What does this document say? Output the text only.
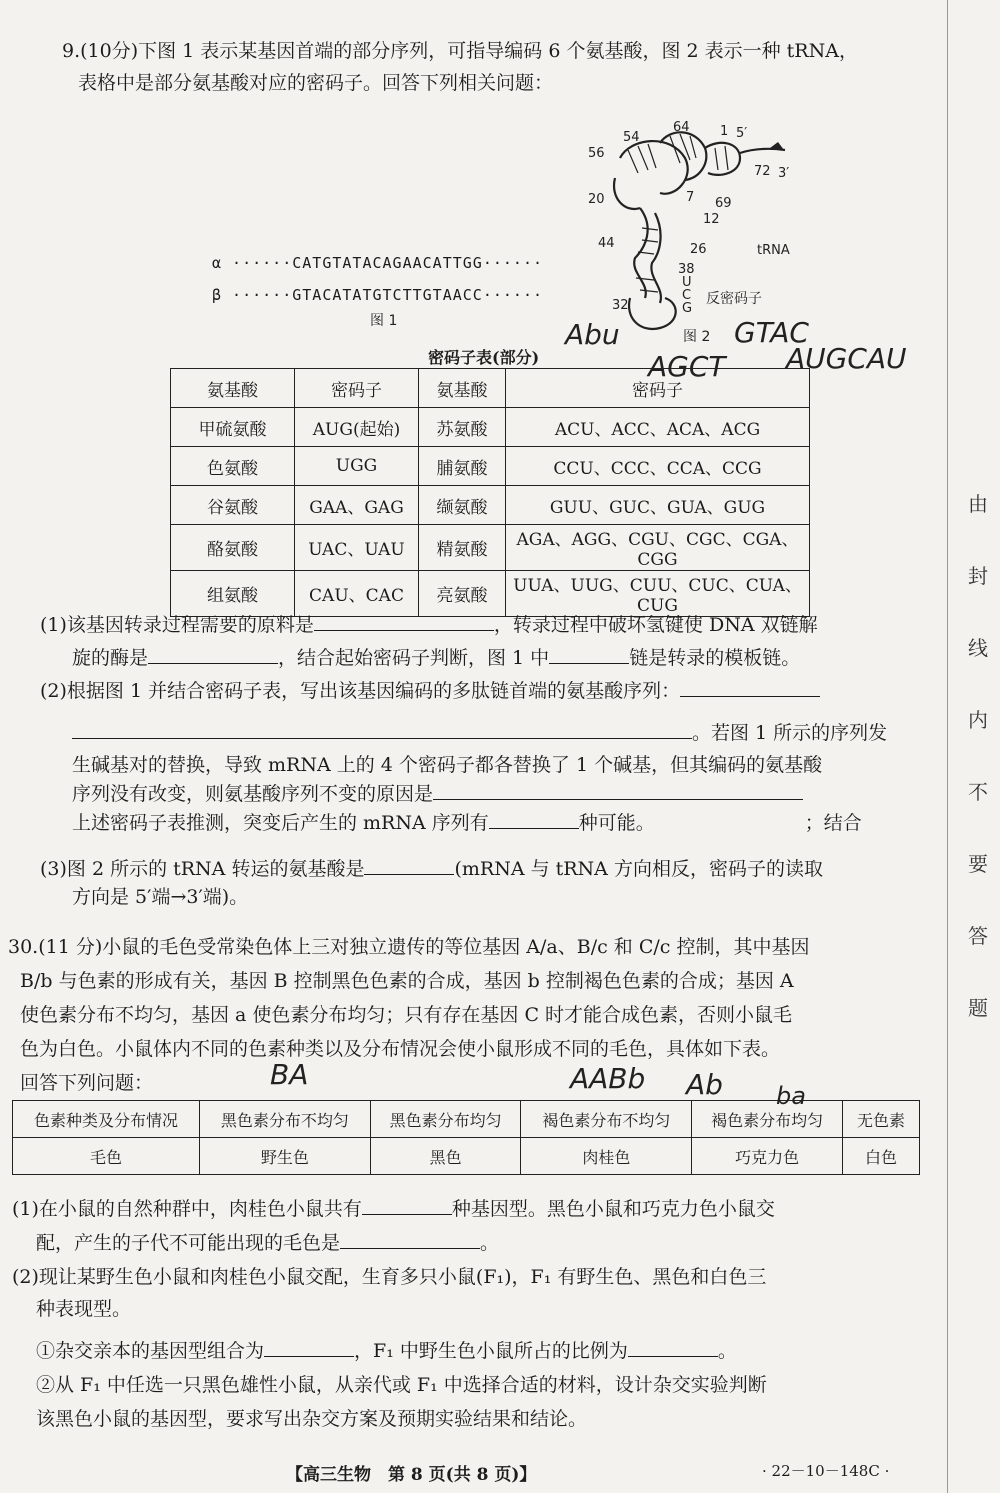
9.(10分)下图 1 表示某基因首端的部分序列，可指导编码 6 个氨基酸，图 2 表示一种 tRNA，
表格中是部分氨基酸对应的密码子。回答下列相关问题：
α ······CATGTATACAGAACATTGG······
β ······GTACATATGTCTTGTAACC······
图 1
54
64 1 5′
56
72 3′
20	7 69
12
44	26	tRNA
38
U
C
G
反密码子
32
图 2
Abu
AGCT
GTAC
AUGCAU
密码子表(部分)
氨基酸	密码子	氨基酸	密码子
甲硫氨酸	AUG(起始)	苏氨酸	ACU、ACC、ACA、ACG
色氨酸	UGG	脯氨酸	CCU、CCC、CCA、CCG
谷氨酸	GAA、GAG	缬氨酸	GUU、GUC、GUA、GUG
酪氨酸	UAC、UAU	精氨酸	AGA、AGG、CGU、CGC、CGA、CGG
组氨酸	CAU、CAC	亮氨酸	UUA、UUG、CUU、CUC、CUA、CUG
(1)该基因转录过程需要的原料是	，转录过程中破坏氢键使 DNA 双链解
旋的酶是	，结合起始密码子判断，图 1 中	链是转录的模板链。
(2)根据图 1 并结合密码子表，写出该基因编码的多肽链首端的氨基酸序列：
。若图 1 所示的序列发
生碱基对的替换，导致 mRNA 上的 4 个密码子都各替换了 1 个碱基，但其编码的氨基酸
序列没有改变，则氨基酸序列不变的原因是
上述密码子表推测，突变后产生的 mRNA 序列有	种可能。	；结合
(3)图 2 所示的 tRNA 转运的氨基酸是	(mRNA 与 tRNA 方向相反，密码子的读取
方向是 5′端→3′端)。
30.(11 分)小鼠的毛色受常染色体上三对独立遗传的等位基因 A/a、B/c 和 C/c 控制，其中基因
B/b 与色素的形成有关，基因 B 控制黑色色素的合成，基因 b 控制褐色色素的合成；基因 A
使色素分布不均匀，基因 a 使色素分布均匀；只有存在基因 C 时才能合成色素，否则小鼠毛
色为白色。小鼠体内不同的色素种类以及分布情况会使小鼠形成不同的毛色，具体如下表。
回答下列问题：	BA	AABb Ab ba
色素种类及分布情况	黑色素分布不均匀	黑色素分布均匀	褐色素分布不均匀	褐色素分布均匀	无色素
毛色	野生色	黑色	肉桂色	巧克力色	白色
(1)在小鼠的自然种群中，肉桂色小鼠共有	种基因型。黑色小鼠和巧克力色小鼠交
配，产生的子代不可能出现的毛色是	。
(2)现让某野生色小鼠和肉桂色小鼠交配，生育多只小鼠(F₁)，F₁ 有野生色、黑色和白色三
种表现型。
①杂交亲本的基因型组合为	，F₁ 中野生色小鼠所占的比例为	。
②从 F₁ 中任选一只黑色雄性小鼠，从亲代或 F₁ 中选择合适的材料，设计杂交实验判断
该黑色小鼠的基因型，要求写出杂交方案及预期实验结果和结论。
由
封
线
内
不
要
答
题
【高三生物　第 8 页(共 8 页)】	· 22－10－148C ·
